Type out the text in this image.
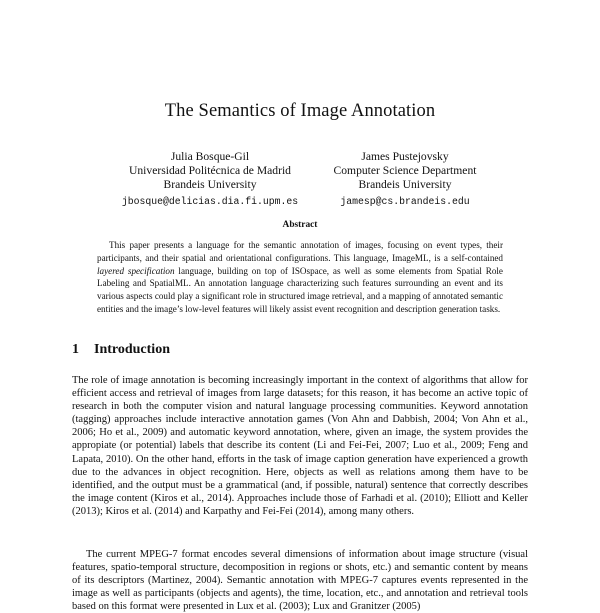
The Semantics of Image Annotation
Julia Bosque-Gil
Universidad Politécnica de Madrid
Brandeis University
jbosque@delicias.dia.fi.upm.es
James Pustejovsky
Computer Science Department
Brandeis University
jamesp@cs.brandeis.edu
Abstract

This paper presents a language for the semantic annotation of images, focusing on event types, their participants, and their spatial and orientational configurations. This language, ImageML, is a self-contained layered specification language, building on top of ISOspace, as well as some elements from Spatial Role Labeling and SpatialML. An annotation language characterizing such features surrounding an event and its various aspects could play a significant role in structured image retrieval, and a mapping of annotated semantic entities and the image’s low-level features will likely assist event recognition and description generation tasks.

1 Introduction

The role of image annotation is becoming increasingly important in the context of algorithms that allow for efficient access and retrieval of images from large datasets; for this reason, it has become an active topic of research in both the computer vision and natural language processing communities. Keyword annotation (tagging) approaches include interactive annotation games (Von Ahn and Dabbish, 2004; Von Ahn et al., 2006; Ho et al., 2009) and automatic keyword annotation, where, given an image, the system provides the appropiate (or potential) labels that describe its content (Li and Fei-Fei, 2007; Luo et al., 2009; Feng and Lapata, 2010). On the other hand, efforts in the task of image caption generation have experienced a growth due to the advances in object recognition. Here, objects as well as relations among them have to be identified, and the output must be a grammatical (and, if possible, natural) sentence that correctly describes the image content (Kiros et al., 2014). Approaches include those of Farhadi et al. (2010); Elliott and Keller (2013); Kiros et al. (2014) and Karpathy and Fei-Fei (2014), among many others.

The current MPEG-7 format encodes several dimensions of information about image structure (visual features, spatio-temporal structure, decomposition in regions or shots, etc.) and semantic content by means of its descriptors (Martinez, 2004). Semantic annotation with MPEG-7 captures events represented in the image as well as participants (objects and agents), the time, location, etc., and annotation and retrieval tools based on this format were presented in Lux et al. (2003); Lux and Granitzer (2005)
